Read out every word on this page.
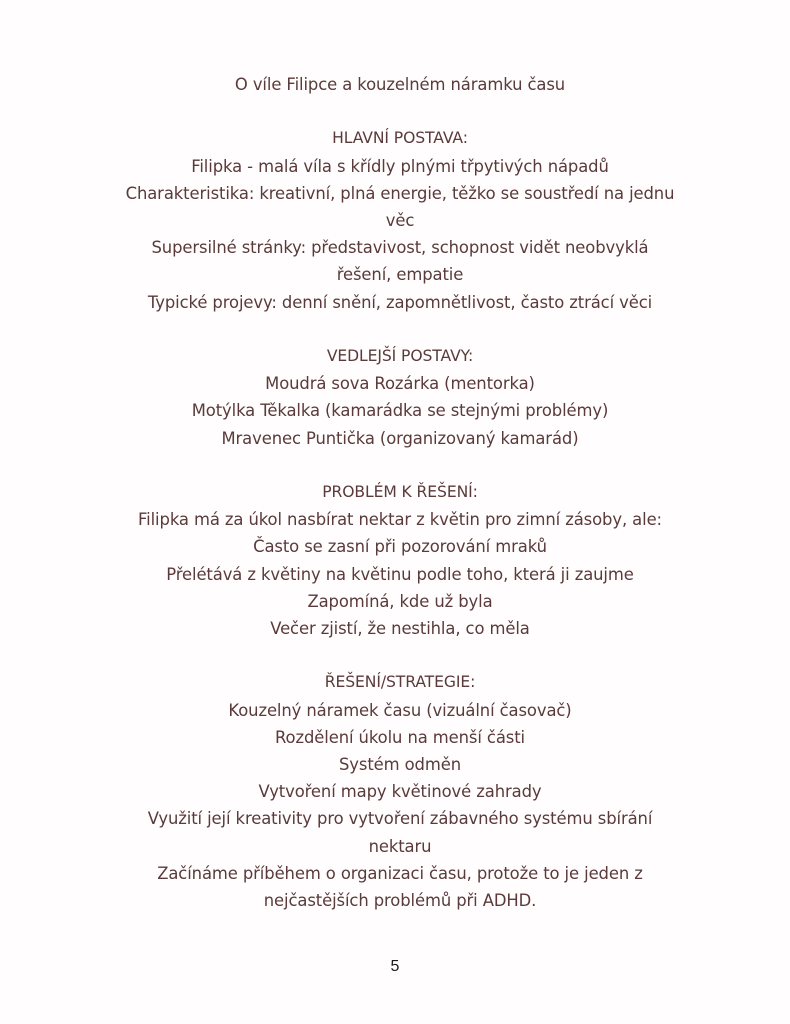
O víle Filipce a kouzelném náramku času
HLAVNÍ POSTAVA:
Filipka - malá víla s křídly plnými třpytivých nápadů
Charakteristika: kreativní, plná energie, těžko se soustředí na jednu
věc
Supersilné stránky: představivost, schopnost vidět neobvyklá
řešení, empatie
Typické projevy: denní snění, zapomnětlivost, často ztrácí věci
VEDLEJŠÍ POSTAVY:
Moudrá sova Rozárka (mentorka)
Motýlka Těkalka (kamarádka se stejnými problémy)
Mravenec Puntička (organizovaný kamarád)
PROBLÉM K ŘEŠENÍ:
Filipka má za úkol nasbírat nektar z květin pro zimní zásoby, ale:
Často se zasní při pozorování mraků
Přelétává z květiny na květinu podle toho, která ji zaujme
Zapomíná, kde už byla
Večer zjistí, že nestihla, co měla
ŘEŠENÍ/STRATEGIE:
Kouzelný náramek času (vizuální časovač)
Rozdělení úkolu na menší části
Systém odměn
Vytvoření mapy květinové zahrady
Využití její kreativity pro vytvoření zábavného systému sbírání
nektaru
Začínáme příběhem o organizaci času, protože to je jeden z
nejčastějších problémů při ADHD.
5
